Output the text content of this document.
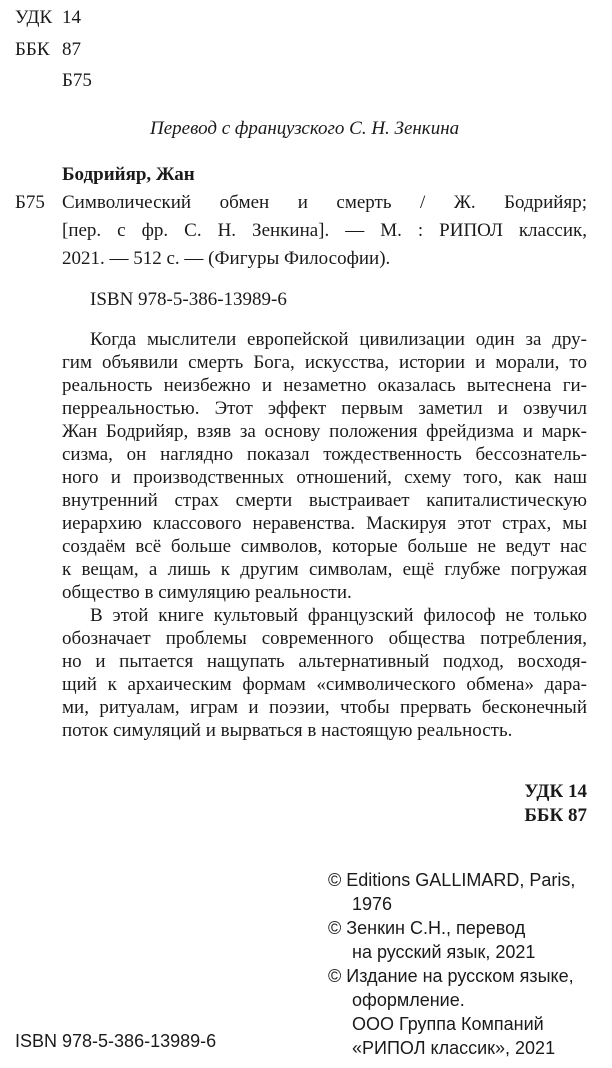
УДК 14
ББК 87
Б75
Перевод с французского С. Н. Зенкина
Бодрийяр, Жан
Б75 Символический обмен и смерть / Ж. Бодрийяр;
[пер. с фр. С. Н. Зенкина]. — М. : РИПОЛ классик,
2021. — 512 с. — (Фигуры Философии).
ISBN 978-5-386-13989-6
Когда мыслители европейской цивилизации один за дру-
гим объявили смерть Бога, искусства, истории и морали, то
реальность неизбежно и незаметно оказалась вытеснена ги-
перреальностью. Этот эффект первым заметил и озвучил
Жан Бодрийяр, взяв за основу положения фрейдизма и марк-
сизма, он наглядно показал тождественность бессознатель-
ного и производственных отношений, схему того, как наш
внутренний страх смерти выстраивает капиталистическую
иерархию классового неравенства. Маскируя этот страх, мы
создаём всё больше символов, которые больше не ведут нас
к вещам, а лишь к другим символам, ещё глубже погружая
общество в симуляцию реальности.
В этой книге культовый французский философ не только
обозначает проблемы современного общества потребления,
но и пытается нащупать альтернативный подход, восходя-
щий к архаическим формам «символического обмена» дара-
ми, ритуалам, играм и поэзии, чтобы прервать бесконечный
поток симуляций и вырваться в настоящую реальность.
УДК 14
ББК 87
© Editions GALLIMARD, Paris,
1976
© Зенкин С.Н., перевод
на русский язык, 2021
© Издание на русском языке,
оформление.
ООО Группа Компаний
«РИПОЛ классик», 2021
ISBN 978-5-386-13989-6
